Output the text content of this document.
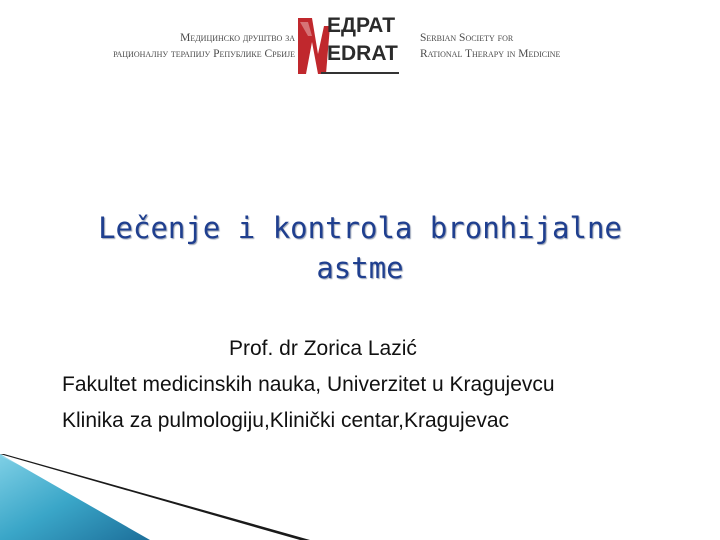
Медицинско друштво за
рационалну терапију Републике Србије
ЕДРАТ
EDRAT
Serbian Society for
Rational Therapy in Medicine
Lečenje i kontrola bronhijalne
astme
Prof. dr Zorica Lazić
Fakultet medicinskih nauka, Univerzitet u Kragujevcu
Klinika za pulmologiju,Klinički centar,Kragujevac
